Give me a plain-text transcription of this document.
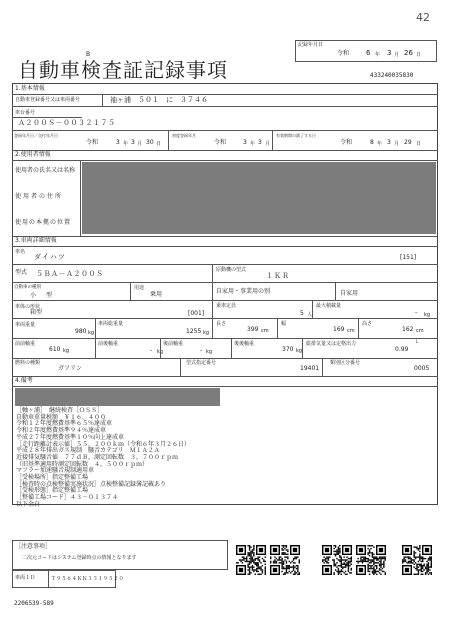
42
B
自動車検査証記録事項
記録年月日
令和 6 年 3 月 26 日
433240035830
1.基本情報
自動車登録番号又は車両番号	袖ヶ浦　５０１　に　３７４６
車台番号
Ａ２００Ｓ－００３２１７５
登録年月日／交付年月日
令和	3 年 3 月 30 日
初度登録年月
令和	3 年 3 月
有効期間の満了する日
令和	8 年 3 月 29 日
2.使用者情報
使用者の氏名又は名称
使用者の住所
使用の本拠の位置
3.車両詳細情報
車名
ダイハツ	[151]
型式 ５ＢＡ－Ａ２００Ｓ	原動機の型式
１ＫＲ
自動車の種別
小　型
用途
乗用	自家用・事業用の別	自家用
車体の形状
箱型	[001]
乗車定員
5 人
最大積載量
- kg
車両重量
980 kg
車両総重量
1255 kg
長さ
399 cm
幅
169 cm
高さ
162 cm
前前軸重
610 kg
前後軸重
- kg
後前軸重
- kg
後後軸重
370 kg
総排気量又は定格出力
0.99
L
燃料の種類
ガソリン
型式指定番号
19401
類別区分番号
0005
4.備考
［軸ヶ浦］　継続検査［ＯＳＳ］
自動車重量税額　￥１６，４００
令和１２年度燃費基準６５％達成車
令和２年度燃費基準９４％達成車
平成２７年度燃費基準１０％向上達成車
［走行距離計表示値］５５，２００ｋｍ（令和６年３月２６日）
平成２８年排出ガス規制　騒音カテゴリ　Ｍ１Ａ２Ａ
近接排気騒音値　７７ｄＢ，測定回転数　３，７００ｒｐｍ
（旧基準適用時測定回転数　４，５００ｒｐｍ）
マフラー加速騒音規制適用車
［受検場所］指定整備工場
［検査時の点検整備実施状況］点検整備記録簿記載あり
［受検形態］指定整備工場
［整備工場コード］４３－０１３７４
以下余白
［注意事項］
二次元コードはシステム登録時点の情報となります
車両ＩＤ	Ｔ９５６４ＫＫ３３１９５２０
2206539-589
